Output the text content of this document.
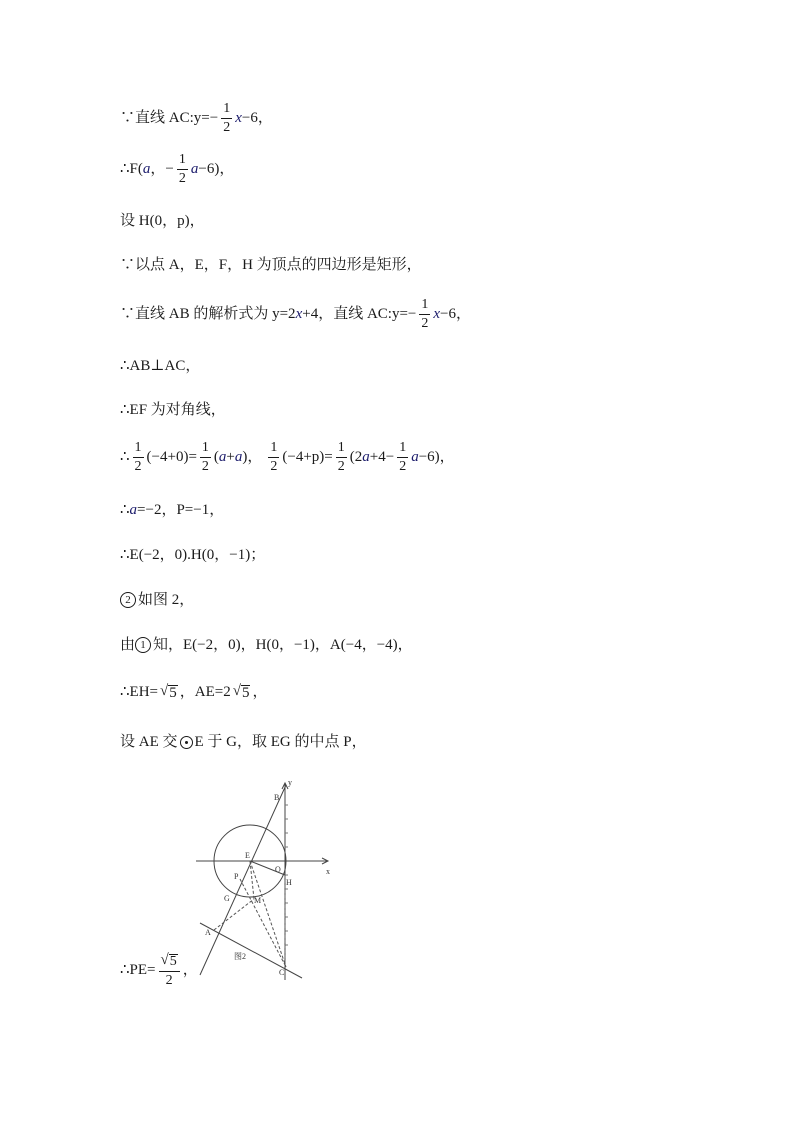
∵直线 AC:y=− $\frac{1}{2}$ x −6，
∴F( a ，− $\frac{1}{2}$ a −6)，
设 H(0，p)，
∵以点 A，E，F，H 为顶点的四边形是矩形，
∵直线 AB 的解析式为 y=2 x +4，直线 AC:y=− $\frac{1}{2}$ x −6，
∴AB⊥AC，
∴EF 为对角线，
∴ $\frac{1}{2} (-4+0)= \frac{1}{2}$ ( a + a )， $\frac{1}{2} (-4+p)= \frac{1}{2} (2$ $a +4- \frac{1}{2}$ a −6)，
∴ a =−2，P=−1，
∴E(−2，0).H(0，−1)；
2 如图 2，
由 1 知，E(−2，0)，H(0，−1)，A(−4，−4)，
∴EH= √ 5 ，AE=2 √ 5 ，
设 AE 交 E 于 G，取 EG 的中点 P，
y
x
B
E
O
P
H
G	M
A
C
图2
∴PE= $\frac{√ 5}{2}$ ，
